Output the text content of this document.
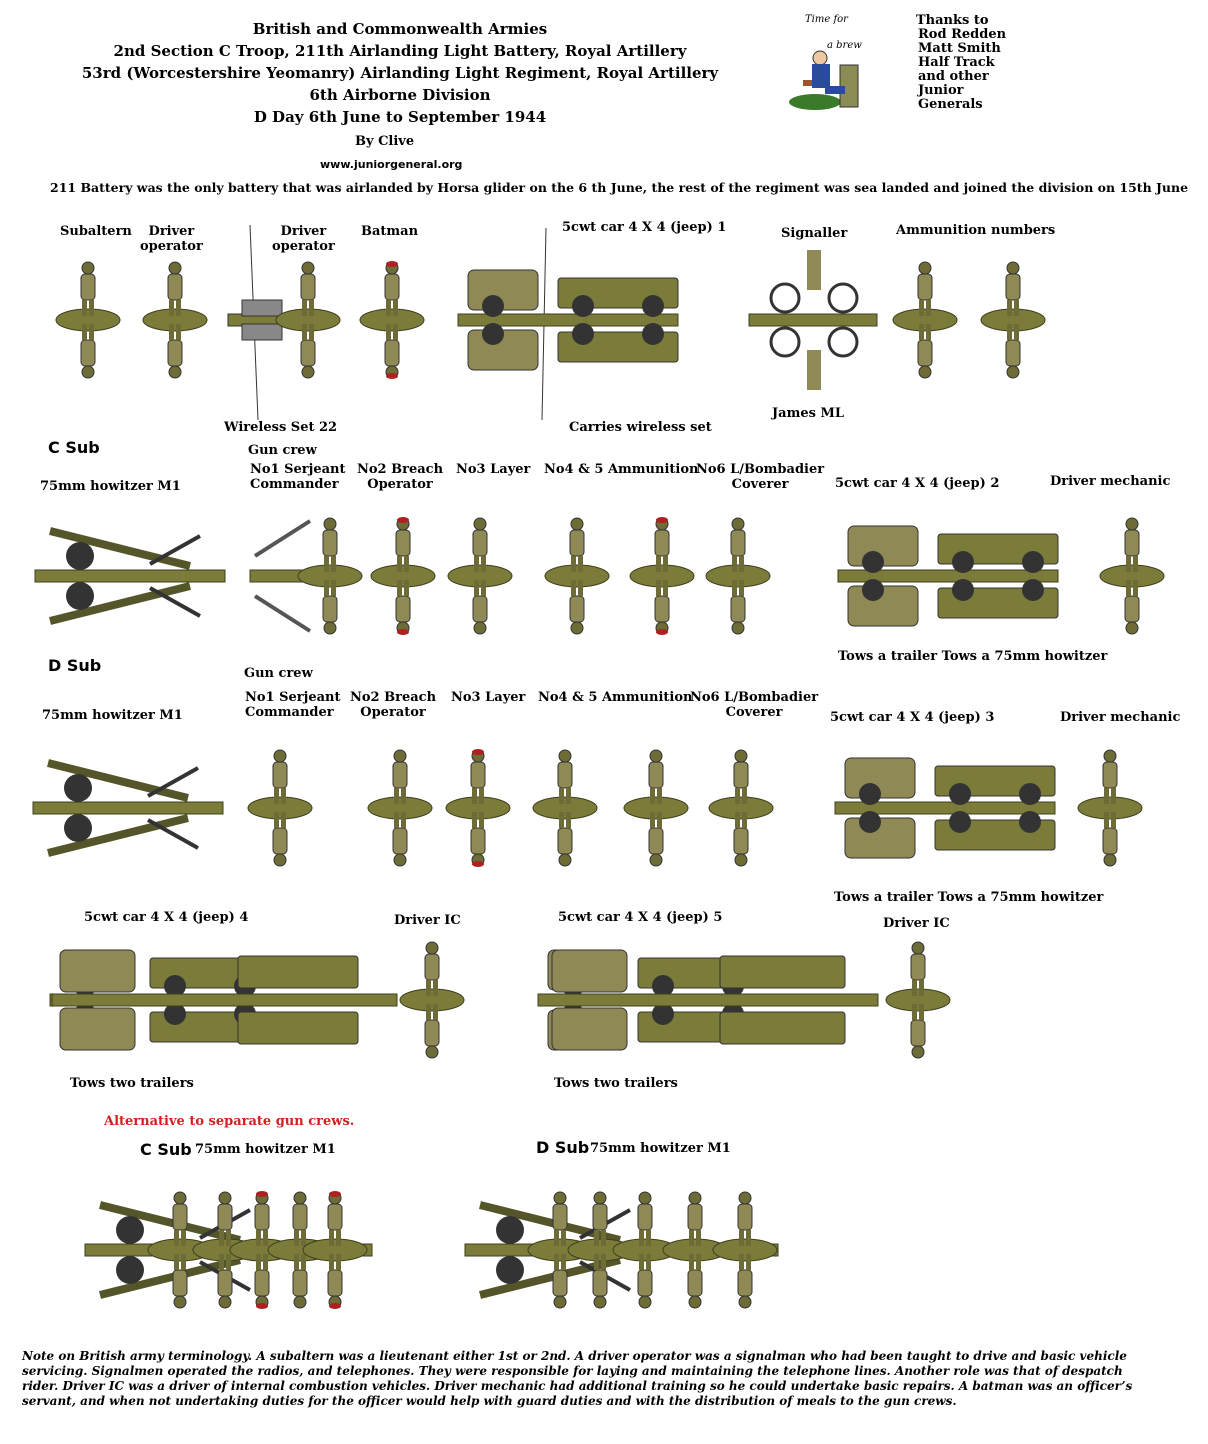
British and Commonwealth Armies
2nd Section C Troop, 211th Airlanding Light Battery, Royal Artillery
53rd (Worcestershire Yeomanry) Airlanding Light Regiment, Royal Artillery
6th Airborne Division
D Day 6th June to September 1944
By Clive
www.juniorgeneral.org
211 Battery was the only battery that was airlanded by Horsa glider on the 6 th June, the rest of the regiment was sea landed and joined the division on 15th June
Time for
a brew
Thanks to
Rod Redden
Matt Smith
Half Track
and other
Junior
Generals
Subaltern	Driver
operator
Driver
operator
Batman	5cwt car 4 X 4 (jeep) 1	Signaller	Ammunition numbers
Wireless Set 22	Carries wireless set
James ML
C Sub	Gun crew
75mm howitzer M1
No1 Serjeant
Commander
No2 Breach
Operator
No3 Layer No4 & 5 Ammunition
No6 L/Bombadier
Coverer	5cwt car 4 X 4 (jeep) 2	Driver mechanic
Tows a trailer Tows a 75mm howitzer
D Sub	Gun crew
75mm howitzer M1
No1 Serjeant
Commander
No2 Breach
Operator
No3 Layer No4 & 5 Ammunition
No6 L/Bombadier
Coverer	5cwt car 4 X 4 (jeep) 3	Driver mechanic
Tows a trailer Tows a 75mm howitzer
5cwt car 4 X 4 (jeep) 4	Driver IC
Tows two trailers
5cwt car 4 X 4 (jeep) 5	Driver IC
Tows two trailers
Alternative to separate gun crews.
C Sub 75mm howitzer M1	D Sub 75mm howitzer M1
Note on British army terminology. A subaltern was a lieutenant either 1st or 2nd. A driver operator was a signalman who had been taught to drive and basic vehicle servicing. Signalmen operated the radios, and telephones. They were responsible for laying and maintaining the telephone lines. Another role was that of despatch rider. Driver IC was a driver of internal combustion vehicles. Driver mechanic had additional training so he could undertake basic repairs. A batman was an officer’s servant, and when not undertaking duties for the officer would help with guard duties and with the distribution of meals to the gun crews.
